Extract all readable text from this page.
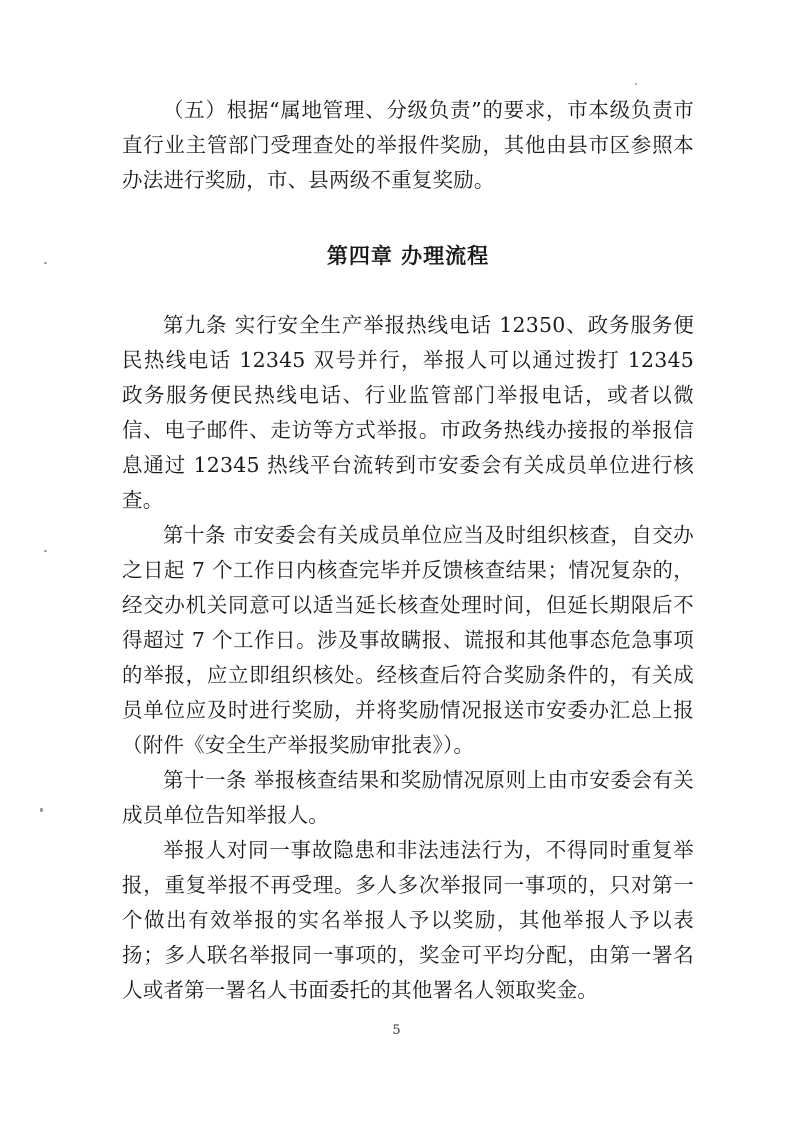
（五）根据“属地管理、分级负责”的要求，市本级负责市直行业主管部门受理查处的举报件奖励，其他由县市区参照本办法进行奖励，市、县两级不重复奖励。

第四章 办理流程

第九条 实行安全生产举报热线电话 12350、政务服务便民热线电话 12345 双号并行，举报人可以通过拨打 12345 政务服务便民热线电话、行业监管部门举报电话，或者以微信、电子邮件、走访等方式举报。市政务热线办接报的举报信息通过 12345 热线平台流转到市安委会有关成员单位进行核查。

第十条 市安委会有关成员单位应当及时组织核查，自交办之日起 7 个工作日内核查完毕并反馈核查结果；情况复杂的，经交办机关同意可以适当延长核查处理时间，但延长期限后不得超过 7 个工作日。涉及事故瞒报、谎报和其他事态危急事项的举报，应立即组织核处。经核查后符合奖励条件的，有关成员单位应及时进行奖励，并将奖励情况报送市安委办汇总上报（附件《安全生产举报奖励审批表》）。

第十一条 举报核查结果和奖励情况原则上由市安委会有关成员单位告知举报人。

举报人对同一事故隐患和非法违法行为，不得同时重复举报，重复举报不再受理。多人多次举报同一事项的，只对第一个做出有效举报的实名举报人予以奖励，其他举报人予以表扬；多人联名举报同一事项的，奖金可平均分配，由第一署名人或者第一署名人书面委托的其他署名人领取奖金。

5
